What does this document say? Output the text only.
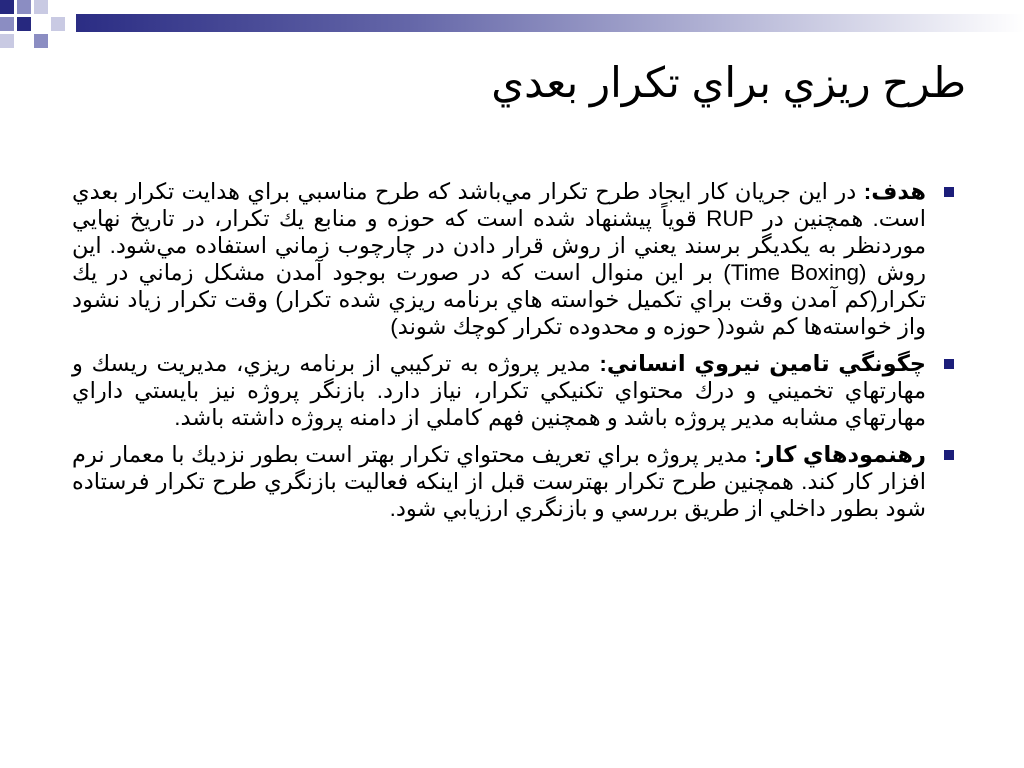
طرح ريزي براي تكرار بعدي
هدف: در اين جريان كار ايجاد طرح تكرار مي‌باشد كه طرح مناسبي براي هدايت تكرار بعدي است. همچنين در RUP قوياً پيشنهاد شده است كه حوزه و منابع يك تكرار، در تاريخ نهايي موردنظر به يكديگر برسند يعني از روش قرار دادن در چارچوب زماني استفاده مي‌شود. اين روش (Time Boxing) بر اين منوال است كه در صورت بوجود آمدن مشكل زماني در يك تكرار(كم آمدن وقت براي تكميل خواسته هاي برنامه ريزي شده تكرار) وقت تكرار زياد نشود واز خواسته‌ها كم شود( حوزه و محدوده تكرار كوچك شوند)
چگونگي تامين نيروي انساني: مدير پروژه به تركيبي از برنامه ريزي، مديريت ريسك و مهارتهاي تخميني و درك محتواي تكنيكي تكرار، نياز دارد. بازنگر پروژه نيز بايستي داراي مهارتهاي مشابه مدير پروژه باشد و همچنين فهم كاملي از دامنه پروژه داشته باشد.
رهنمودهاي كار: مدير پروژه براي تعريف محتواي تكرار بهتر است بطور نزديك با معمار نرم افزار كار كند. همچنين طرح تكرار بهترست قبل از اينكه فعاليت بازنگري طرح تكرار فرستاده شود بطور داخلي از طريق بررسي و بازنگري ارزيابي شود.
